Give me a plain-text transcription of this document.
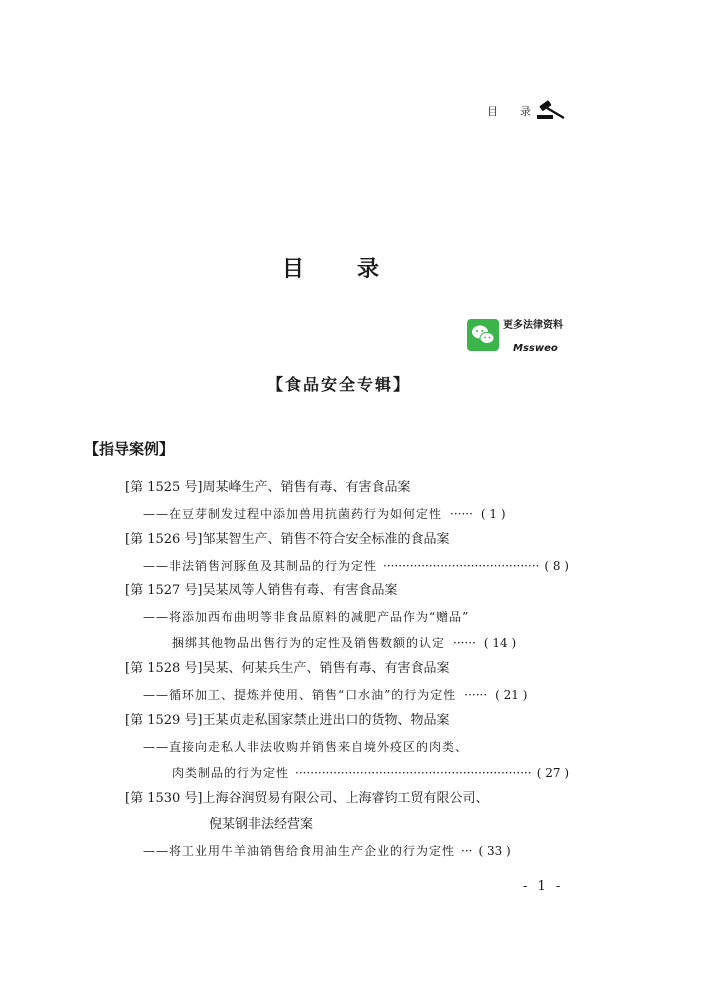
目 录
目 录
更多法律资料
Mssweo
【食品安全专辑】
【指导案例】
[第 1525 号]周某峰生产、销售有毒、有害食品案
——在豆芽制发过程中添加兽用抗菌药行为如何定性 ······	( 1 )
[第 1526 号]邹某智生产、销售不符合安全标准的食品案
——非法销售河豚鱼及其制品的行为定性 ·····	( 8 )
[第 1527 号]吴某凤等人销售有毒、有害食品案
——将添加西布曲明等非食品原料的减肥产品作为“赠品”
捆绑其他物品出售行为的定性及销售数额的认定 ······	( 14 )
[第 1528 号]吴某、何某兵生产、销售有毒、有害食品案
——循环加工、提炼并使用、销售“口水油”的行为定性 ······	( 21 )
[第 1529 号]王某贞走私国家禁止进出口的货物、物品案
——直接向走私人非法收购并销售来自境外疫区的肉类、
肉类制品的行为定性 ·····	( 27 )
[第 1530 号]上海谷润贸易有限公司、上海睿钧工贸有限公司、
倪某钢非法经营案
——将工业用牛羊油销售给食用油生产企业的行为定性 ···	( 33 )
- 1 -
